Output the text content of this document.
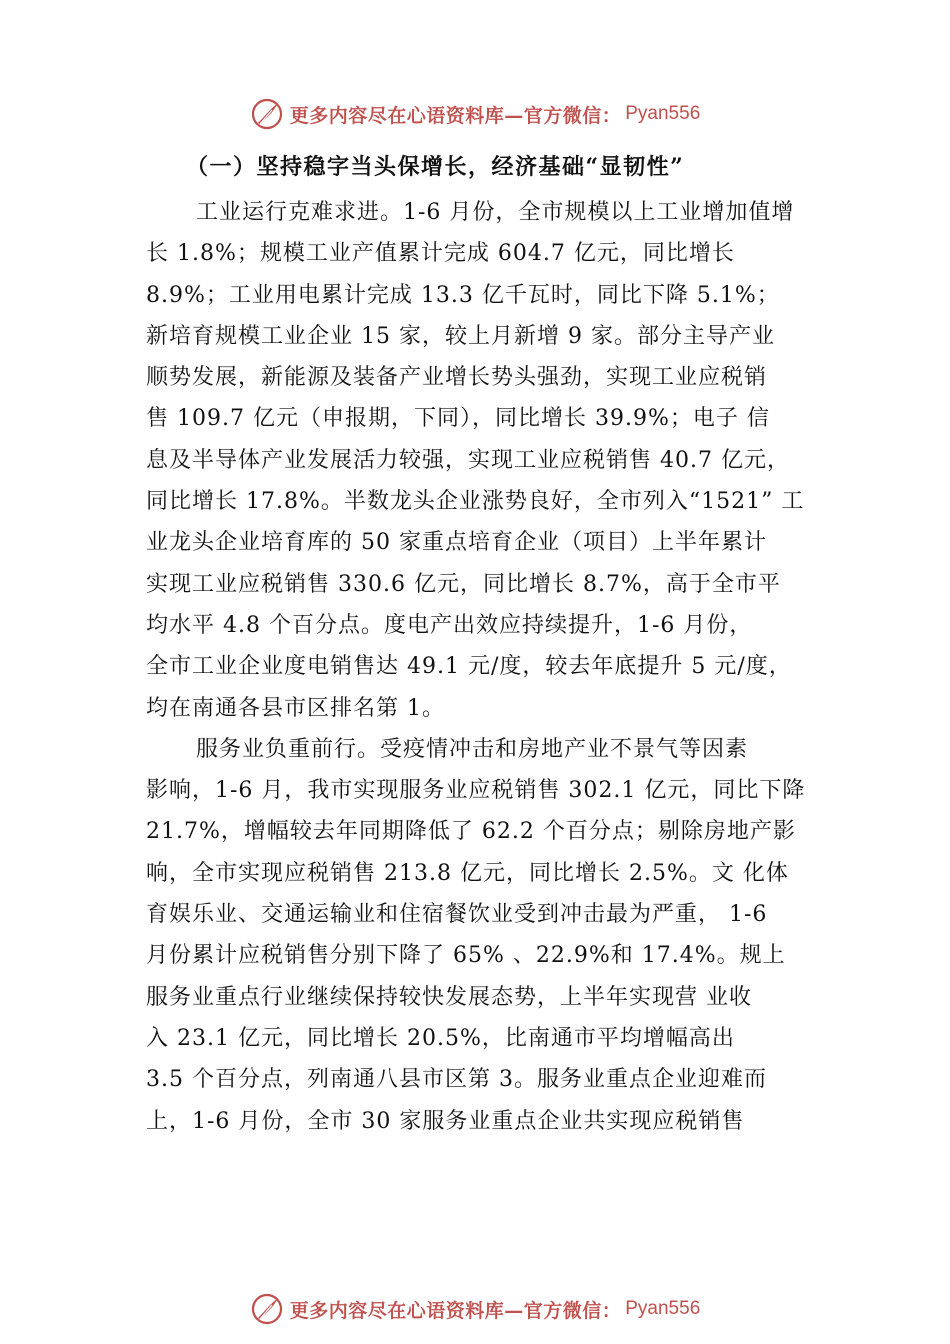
更多内容尽在心语资料库—官方微信： Pyan556
（一）坚持稳字当头保增长，经济基础“显韧性”

工业运行克难求进。1-6 月份，全市规模以上工业增加值增

长 1.8%；规模工业产值累计完成 604.7 亿元，同比增长

8.9%；工业用电累计完成 13.3 亿千瓦时，同比下降 5.1%；

新培育规模工业企业 15 家，较上月新增 9 家。部分主导产业

顺势发展，新能源及装备产业增长势头强劲，实现工业应税销

售 109.7 亿元（申报期，下同），同比增长 39.9%；电子 信

息及半导体产业发展活力较强，实现工业应税销售 40.7 亿元，

同比增长 17.8%。半数龙头企业涨势良好，全市列入“1521” 工

业龙头企业培育库的 50 家重点培育企业（项目）上半年累计

实现工业应税销售 330.6 亿元，同比增长 8.7%，高于全市平

均水平 4.8 个百分点。度电产出效应持续提升，1-6 月份，

全市工业企业度电销售达 49.1 元/度，较去年底提升 5 元/度，

均在南通各县市区排名第 1。

服务业负重前行。受疫情冲击和房地产业不景气等因素

影响，1-6 月，我市实现服务业应税销售 302.1 亿元，同比下降

21.7%，增幅较去年同期降低了 62.2 个百分点；剔除房地产影

响，全市实现应税销售 213.8 亿元，同比增长 2.5%。文 化体

育娱乐业、交通运输业和住宿餐饮业受到冲击最为严重， 1-6

月份累计应税销售分别下降了 65% 、22.9%和 17.4%。规上

服务业重点行业继续保持较快发展态势，上半年实现营 业收

入 23.1 亿元，同比增长 20.5%，比南通市平均增幅高出

3.5 个百分点，列南通八县市区第 3。服务业重点企业迎难而

上，1-6 月份，全市 30 家服务业重点企业共实现应税销售

更多内容尽在心语资料库—官方微信： Pyan556
